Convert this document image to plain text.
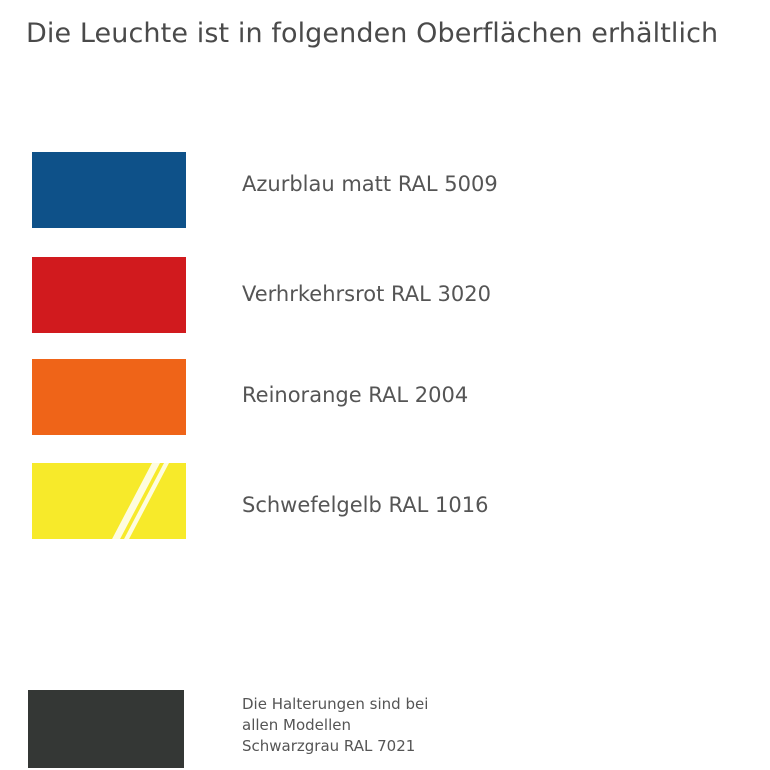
Die Leuchte ist in folgenden Oberflächen erhältlich
Azurblau matt RAL 5009
Verhrkehrsrot RAL 3020
Reinorange RAL 2004
Schwefelgelb RAL 1016
Die Halterungen sind bei
allen Modellen
Schwarzgrau RAL 7021
